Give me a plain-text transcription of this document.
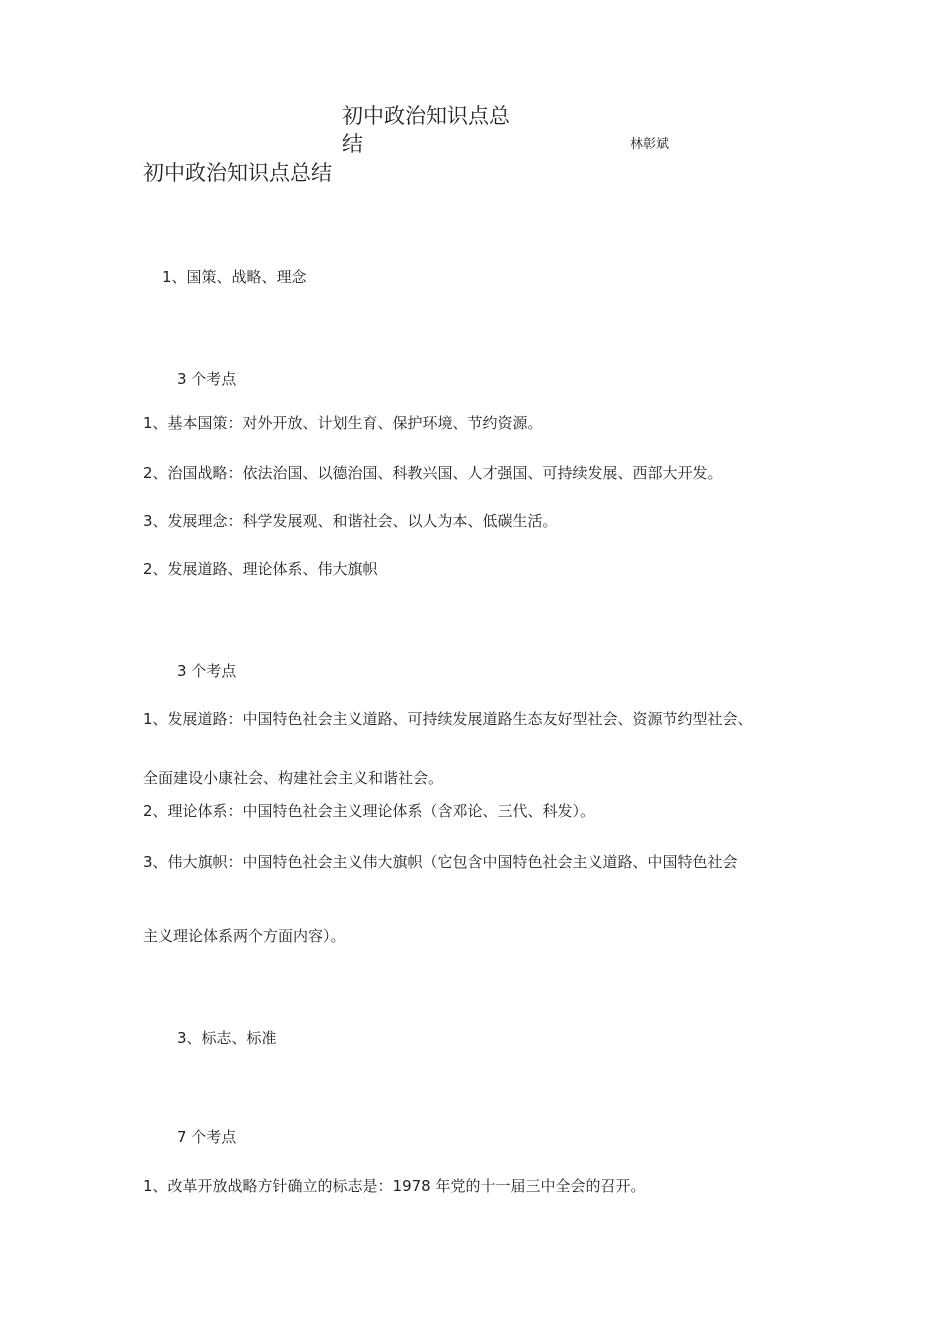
初中政治知识点总
结	林彰斌
初中政治知识点总结
1、国策、战略、理念
3 个考点
1、基本国策：对外开放、计划生育、保护环境、节约资源。
2、治国战略：依法治国、以德治国、科教兴国、人才强国、可持续发展、西部大开发。
3、发展理念：科学发展观、和谐社会、以人为本、低碳生活。
2、发展道路、理论体系、伟大旗帜
3 个考点
1、发展道路：中国特色社会主义道路、可持续发展道路生态友好型社会、资源节约型社会、
全面建设小康社会、构建社会主义和谐社会。
2、理论体系：中国特色社会主义理论体系（含邓论、三代、科发）。
3、伟大旗帜：中国特色社会主义伟大旗帜（它包含中国特色社会主义道路、中国特色社会
主义理论体系两个方面内容）。
3、标志、标准
7 个考点
1、改革开放战略方针确立的标志是：1978 年党的十一届三中全会的召开。
